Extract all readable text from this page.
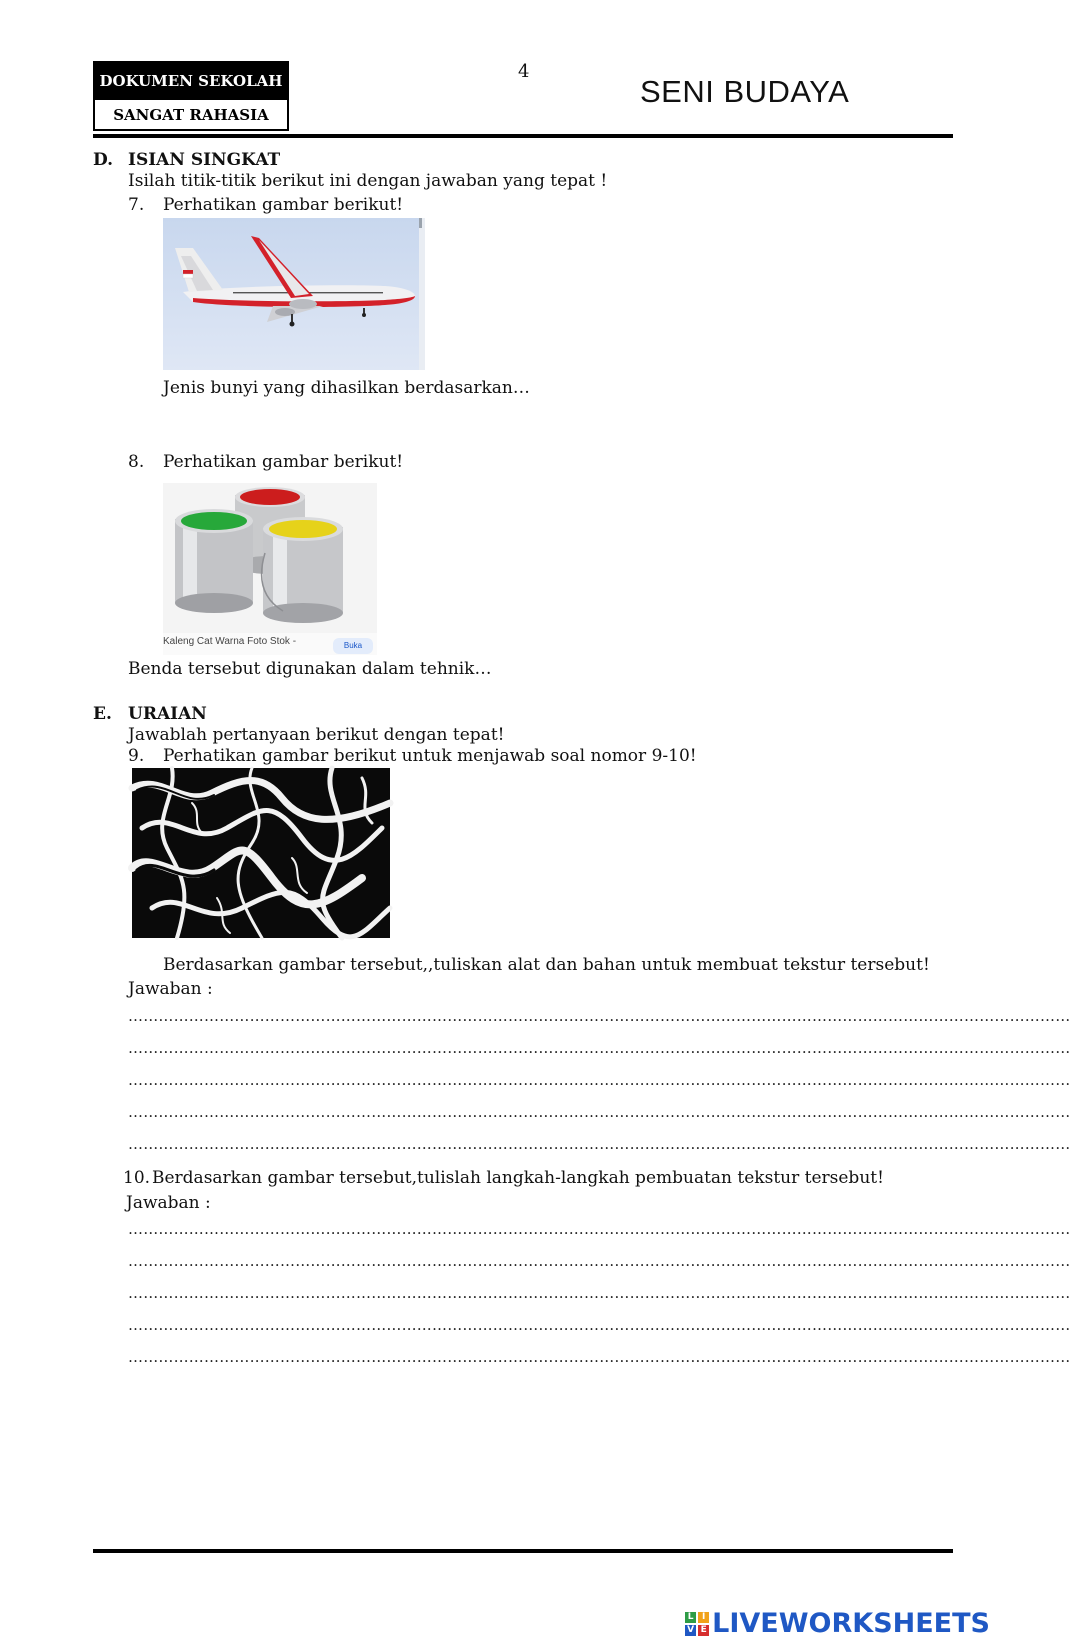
DOKUMEN SEKOLAH
SANGAT RAHASIA
4
SENI BUDAYA
D. ISIAN SINGKAT
Isilah titik-titik berikut ini dengan jawaban yang tepat !
7. Perhatikan gambar berikut!
Jenis bunyi yang dihasilkan berdasarkan…
8. Perhatikan gambar berikut!
Kaleng Cat Warna Foto Stok -	Buka
Benda tersebut digunakan dalam tehnik…
E. URAIAN
Jawablah pertanyaan berikut dengan tepat!
9. Perhatikan gambar berikut untuk menjawab soal nomor 9-10!
Berdasarkan gambar tersebut,,tuliskan alat dan bahan untuk membuat tekstur tersebut!
Jawaban :
……………………………………………………………………………………………………………………………………………………………………
……………………………………………………………………………………………………………………………………………………………………
……………………………………………………………………………………………………………………………………………………………………
……………………………………………………………………………………………………………………………………………………………………
……………………………………………………………………………………………………………………………………………………………………
10. Berdasarkan gambar tersebut,tulislah langkah-langkah pembuatan tekstur tersebut!
Jawaban :
……………………………………………………………………………………………………………………………………………………………………
……………………………………………………………………………………………………………………………………………………………………
……………………………………………………………………………………………………………………………………………………………………
……………………………………………………………………………………………………………………………………………………………………
……………………………………………………………………………………………………………………………………………………………………
L I
V E LIVEWORKSHEETS
